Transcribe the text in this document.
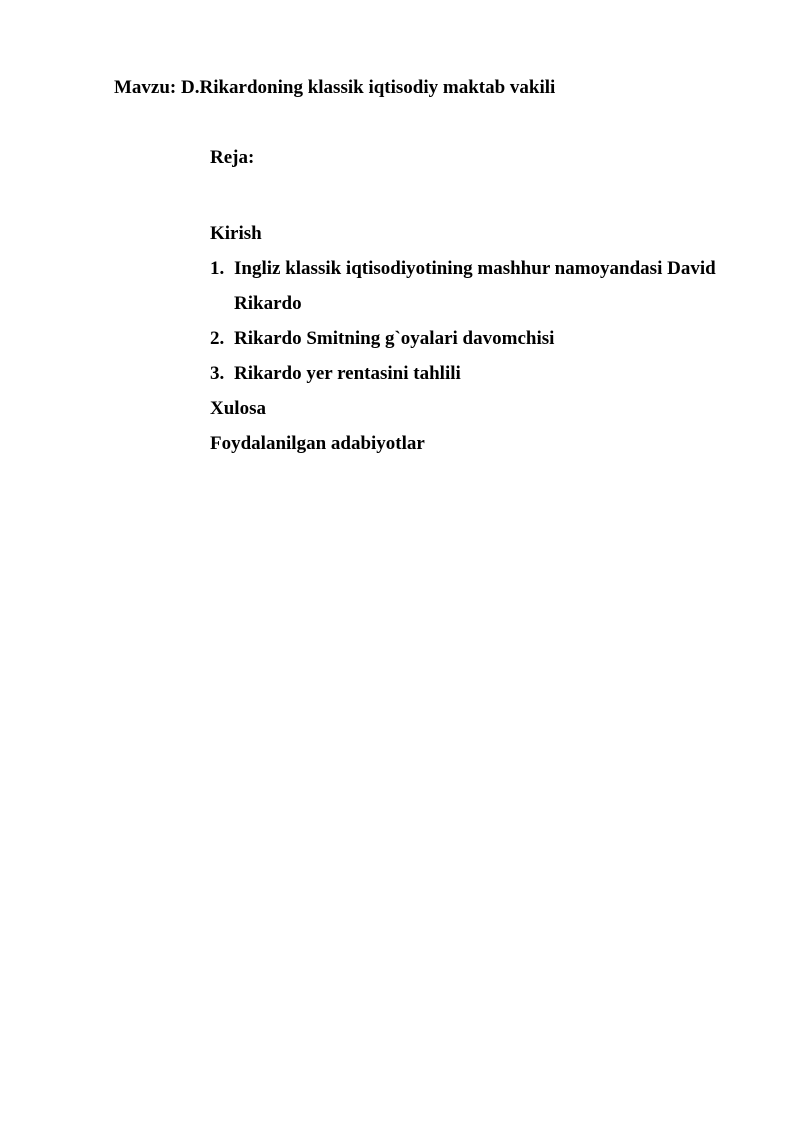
Mavzu: D.Rikardoning klassik iqtisodiy maktab vakili
Reja:
Kirish
1. Ingliz klassik iqtisodiyotining mashhur namoyandasi David Rikardo
2. Rikardo Smitning g`oyalari davomchisi
3. Rikardo yer rentasini tahlili
Xulosa
Foydalanilgan adabiyotlar
